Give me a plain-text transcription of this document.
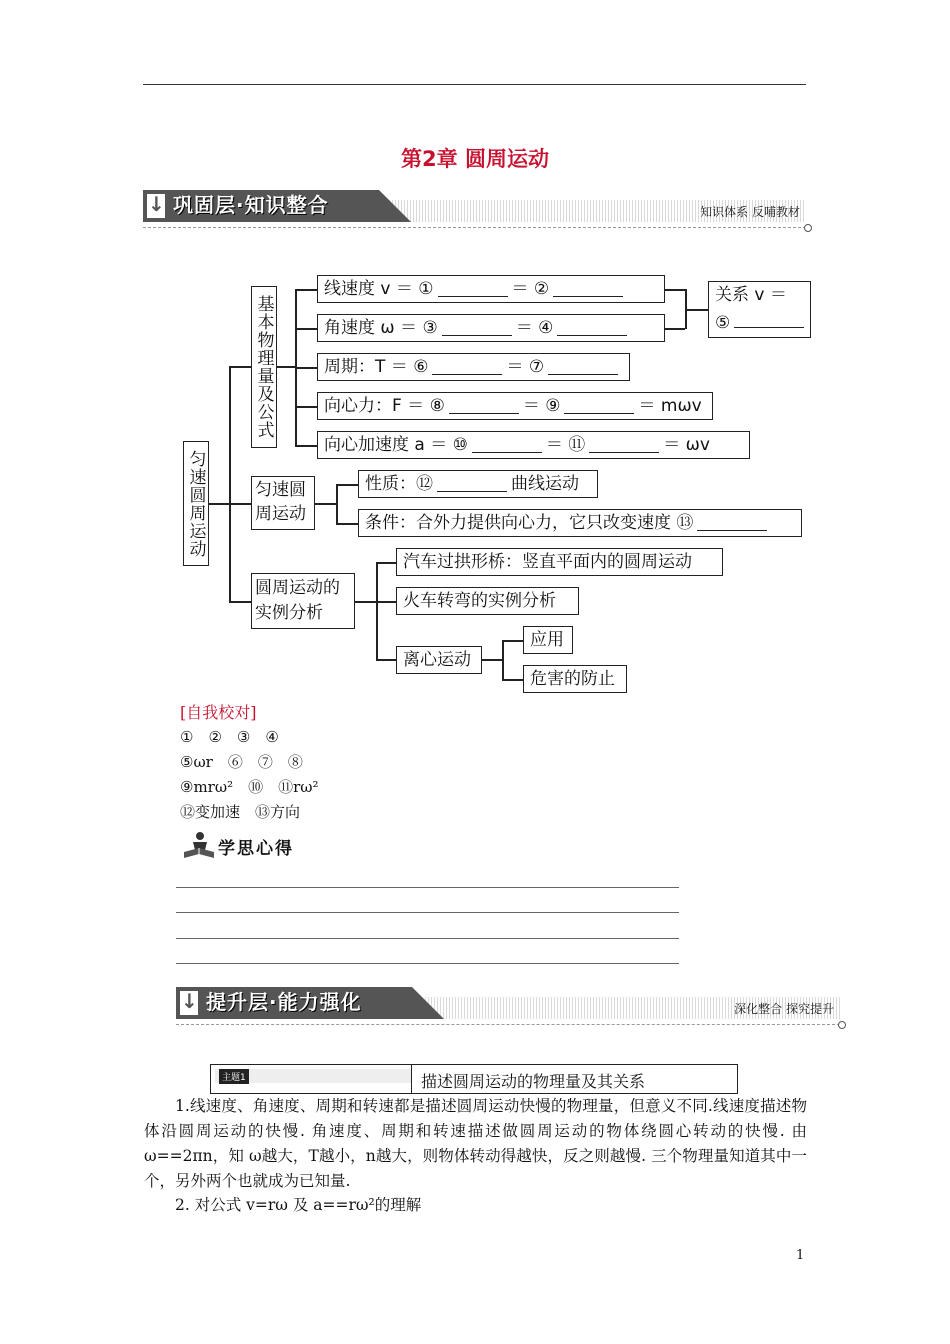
第2章 圆周运动
↓
巩固层·知识整合	知识体系 反哺教材
匀速圆周运动
基本物理量及公式
线速度 v ＝ ①	＝ ②
角速度 ω ＝ ③	＝ ④
周期：T ＝ ⑥	＝ ⑦
向心力：F ＝ ⑧	＝ ⑨	＝ mωv
向心加速度 a ＝ ⑩	＝ ⑪	＝ ωv
关系 v ＝
⑤
匀速圆周运动
性质：⑫	曲线运动
条件：合外力提供向心力，它只改变速度 ⑬
圆周运动的实例分析
汽车过拱形桥：竖直平面内的圆周运动
火车转弯的实例分析
离心运动
应用
危害的防止
[自我校对]
①　②　③　④
⑤ωr　⑥　⑦　⑧
⑨mrω²　⑩　⑪rω²
⑫变加速　⑬方向
学思心得
↓
提升层·能力强化	深化整合 探究提升
主题1	描述圆周运动的物理量及其关系
1.线速度、角速度、周期和转速都是描述圆周运动快慢的物理量，但意义不同.线速度描述物体沿圆周运动的快慢. 角速度、周期和转速描述做圆周运动的物体绕圆心转动的快慢. 由 ω==2πn，知 ω越大，T越小，n越大，则物体转动得越快，反之则越慢. 三个物理量知道其中一个，另外两个也就成为已知量.
2. 对公式 v=rω 及 a==rω²的理解
1
